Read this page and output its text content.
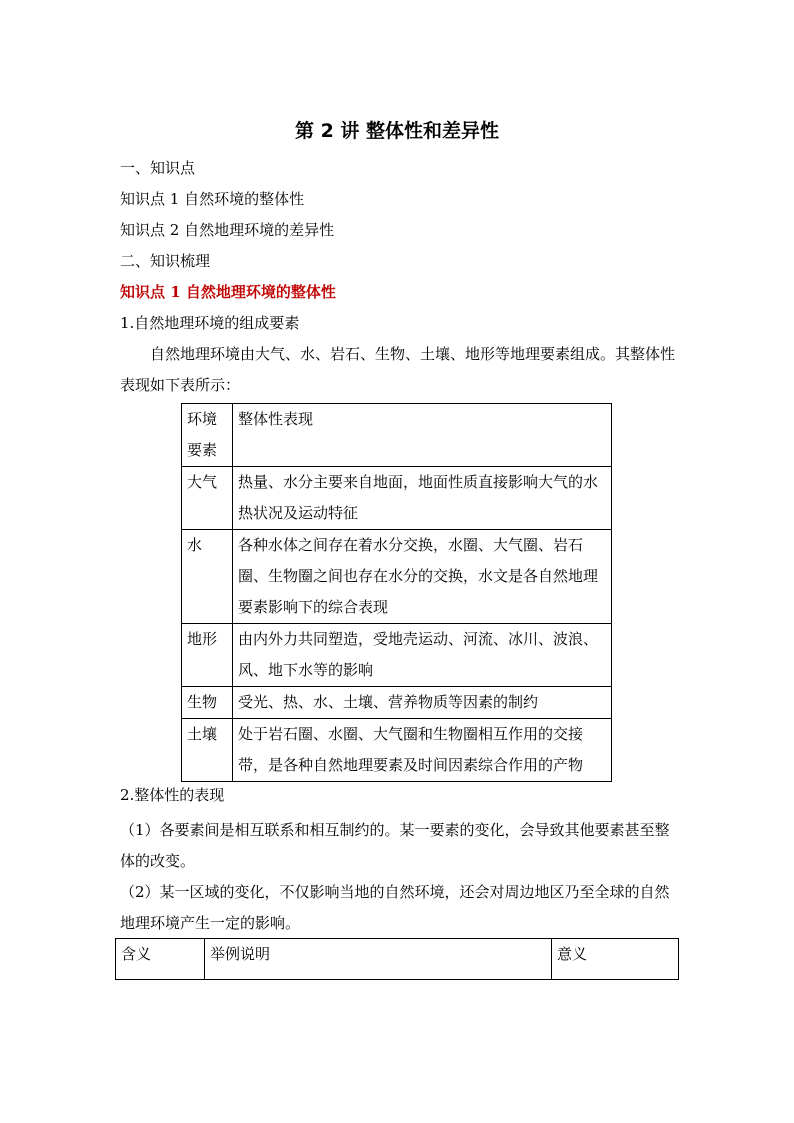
第 2 讲 整体性和差异性
一、知识点
知识点 1 自然环境的整体性
知识点 2 自然地理环境的差异性
二、知识梳理
知识点 1 自然地理环境的整体性
1.自然地理环境的组成要素
自然地理环境由大气、水、岩石、生物、土壤、地形等地理要素组成。其整体性表现如下表所示：
环境要素	整体性表现
大气	热量、水分主要来自地面，地面性质直接影响大气的水热状况及运动特征
水	各种水体之间存在着水分交换，水圈、大气圈、岩石圈、生物圈之间也存在水分的交换，水文是各自然地理要素影响下的综合表现
地形	由内外力共同塑造，受地壳运动、河流、冰川、波浪、风、地下水等的影响
生物	受光、热、水、土壤、营养物质等因素的制约
土壤	处于岩石圈、水圈、大气圈和生物圈相互作用的交接带，是各种自然地理要素及时间因素综合作用的产物
2.整体性的表现
（1）各要素间是相互联系和相互制约的。某一要素的变化，会导致其他要素甚至整体的改变。
（2）某一区域的变化，不仅影响当地的自然环境，还会对周边地区乃至全球的自然地理环境产生一定的影响。
含义	举例说明	意义
